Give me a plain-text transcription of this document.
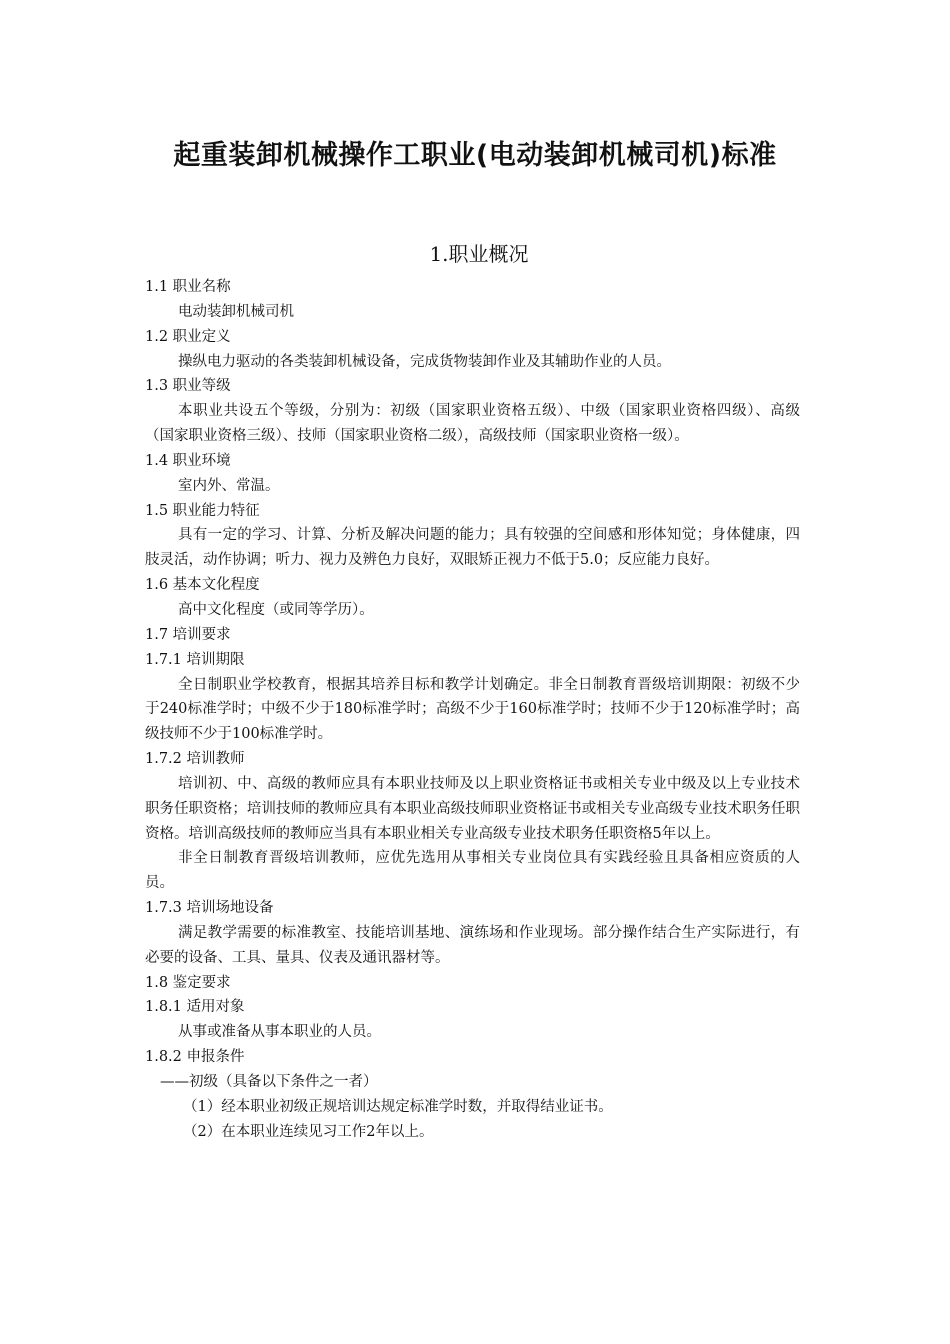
起重装卸机械操作工职业(电动装卸机械司机)标准
1.职业概况

1.1 职业名称

电动装卸机械司机

1.2 职业定义

操纵电力驱动的各类装卸机械设备，完成货物装卸作业及其辅助作业的人员。

1.3 职业等级

本职业共设五个等级，分别为：初级（国家职业资格五级）、中级（国家职业资格四级）、高级（国家职业资格三级）、技师（国家职业资格二级），高级技师（国家职业资格一级）。

1.4 职业环境

室内外、常温。

1.5 职业能力特征

具有一定的学习、计算、分析及解决问题的能力；具有较强的空间感和形体知觉；身体健康，四肢灵活，动作协调；听力、视力及辨色力良好，双眼矫正视力不低于5.0；反应能力良好。

1.6 基本文化程度

高中文化程度（或同等学历）。

1.7 培训要求

1.7.1 培训期限

全日制职业学校教育，根据其培养目标和教学计划确定。非全日制教育晋级培训期限：初级不少于240标准学时；中级不少于180标准学时；高级不少于160标准学时；技师不少于120标准学时；高级技师不少于100标准学时。

1.7.2 培训教师

培训初、中、高级的教师应具有本职业技师及以上职业资格证书或相关专业中级及以上专业技术职务任职资格；培训技师的教师应具有本职业高级技师职业资格证书或相关专业高级专业技术职务任职资格。培训高级技师的教师应当具有本职业相关专业高级专业技术职务任职资格5年以上。

非全日制教育晋级培训教师，应优先选用从事相关专业岗位具有实践经验且具备相应资质的人员。

1.7.3 培训场地设备

满足教学需要的标准教室、技能培训基地、演练场和作业现场。部分操作结合生产实际进行，有必要的设备、工具、量具、仪表及通讯器材等。

1.8 鉴定要求

1.8.1 适用对象

从事或准备从事本职业的人员。

1.8.2 申报条件

——初级（具备以下条件之一者）

（1）经本职业初级正规培训达规定标准学时数，并取得结业证书。

（2）在本职业连续见习工作2年以上。
